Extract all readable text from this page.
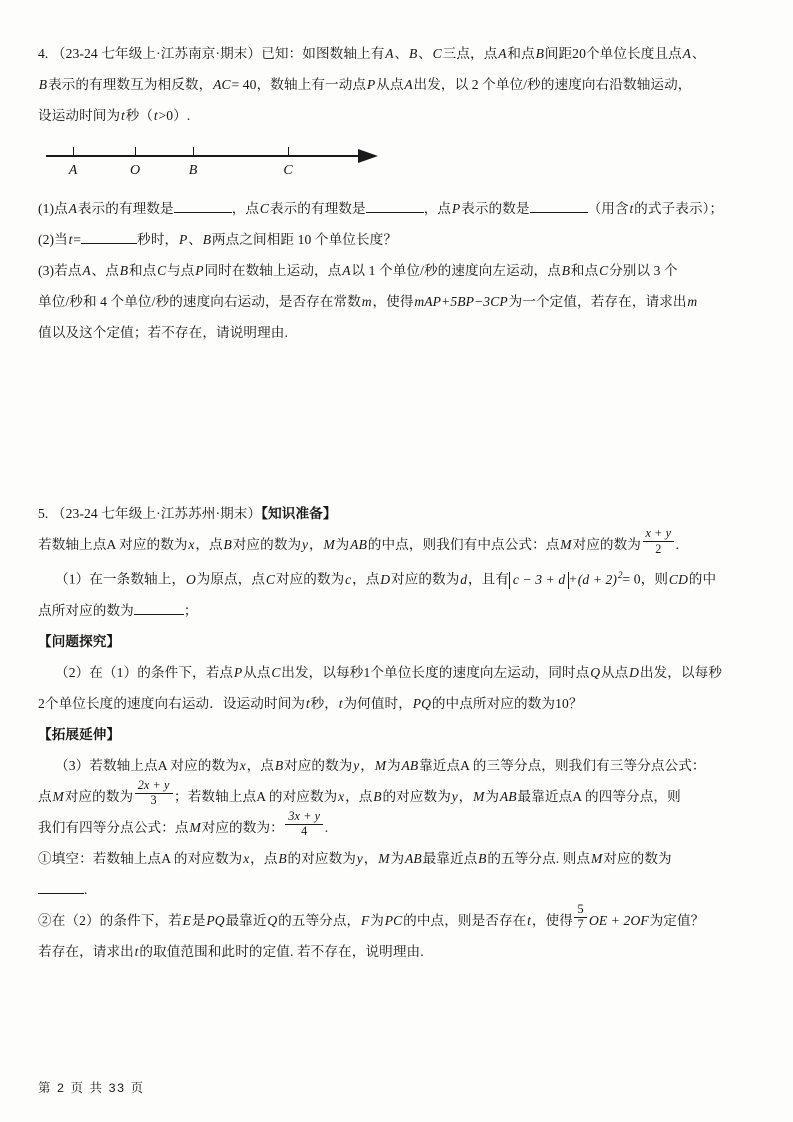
4. （23-24 七年级上·江苏南京·期末）已知：如图数轴上有A、B、C三点，点A和点B间距20个单位长度且点A、
B表示的有理数互为相反数，AC= 40，数轴上有一动点P从点A出发，以 2 个单位/秒的速度向右沿数轴运动，
设运动时间为t秒（t>0）.
A	O	B	C
(1)点A表示的有理数是	，点C表示的有理数是	，点P表示的数是	（用含t的式子表示）；
(2)当t=	秒时，P、B两点之间相距 10 个单位长度？
(3)若点A、点B和点C与点P同时在数轴上运动，点A以 1 个单位/秒的速度向左运动，点B和点C分别以 3 个
单位/秒和 4 个单位/秒的速度向右运动，是否存在常数m，使得mAP+5BP−3CP为一个定值，若存在，请求出m
值以及这个定值；若不存在，请说明理由.
5. （23-24 七年级上·江苏苏州·期末）【知识准备】
若数轴上点A 对应的数为x，点B对应的数为y，M为AB的中点，则我们有中点公式：点M对应的数为 $\frac{x + y}{2}$ .
（1）在一条数轴上，O为原点，点C对应的数为c，点D对应的数为d，且有 $c - 3 + d +(d + 2)^2= 0$，则CD的中
点所对应的数为	；
【问题探究】
（2）在（1）的条件下，若点P从点C出发，以每秒1个单位长度的速度向左运动，同时点Q从点D出发，以每秒
2个单位长度的速度向右运动．设运动时间为t秒，t为何值时，PQ的中点所对应的数为10？
【拓展延伸】
（3）若数轴上点A 对应的数为x，点B对应的数为y，M为AB靠近点A 的三等分点，则我们有三等分点公式：
点M对应的数为 $\frac{2x + y}{3}$ ；若数轴上点A 的对应数为x，点B的对应数为y，M为AB最靠近点A 的四等分点，则
我们有四等分点公式：点M对应的数为： $\frac{3x + y}{4}$ .
①填空：若数轴上点A 的对应数为x，点B的对应数为y，M为AB最靠近点B的五等分点. 则点M对应的数为
.
②在（2）的条件下，若E是PQ最靠近Q的五等分点，F为PC的中点，则是否存在t，使得 $\frac{5}{7}$ OE + 2OF为定值？
若存在，请求出t的取值范围和此时的定值. 若不存在，说明理由.
第 2 页 共 33 页
